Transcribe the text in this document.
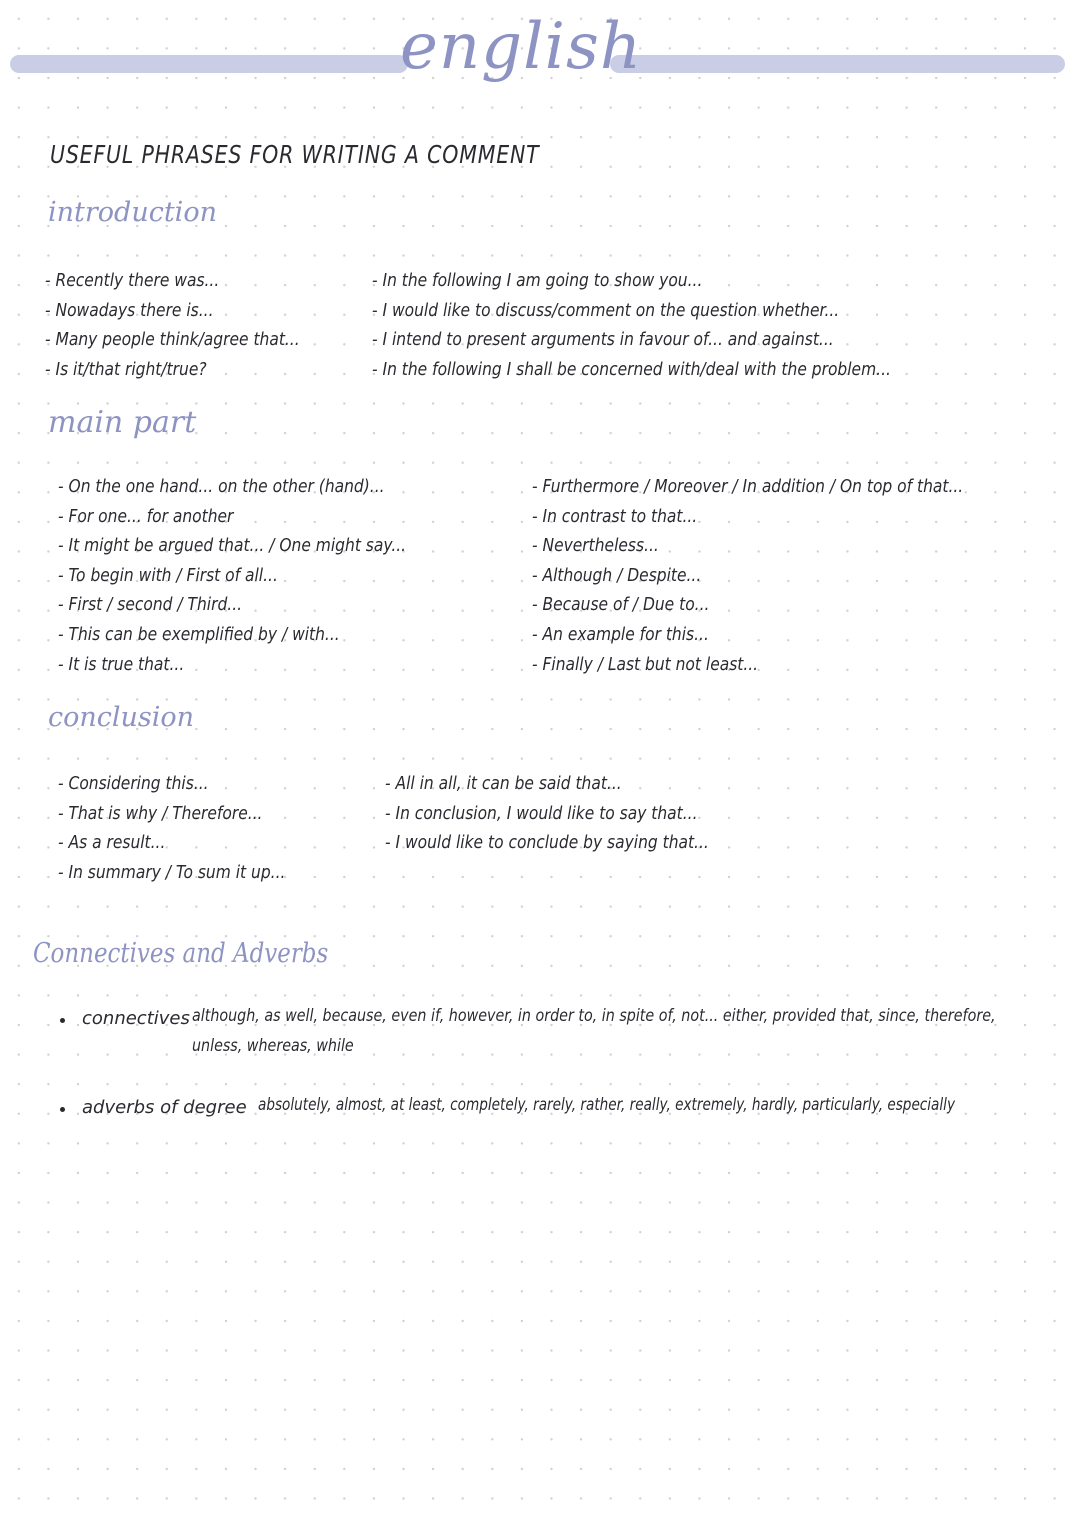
english
USEFUL PHRASES FOR WRITING A COMMENT
introduction
- Recently there was...
- Nowadays there is...
- Many people think/agree that...
- Is it/that right/true?
- In the following I am going to show you...
- I would like to discuss/comment on the question whether...
- I intend to present arguments in favour of... and against...
- In the following I shall be concerned with/deal with the problem...
main part
- On the one hand... on the other (hand)...
- For one... for another
- It might be argued that... / One might say...
- To begin with / First of all...
- First / second / Third...
- This can be exemplified by / with...
- It is true that...
- Furthermore / Moreover / In addition / On top of that...
- In contrast to that...
- Nevertheless...
- Although / Despite...
- Because of / Due to...
- An example for this...
- Finally / Last but not least...
conclusion
- Considering this...
- That is why / Therefore...
- As a result...
- In summary / To sum it up...
- All in all, it can be said that...
- In conclusion, I would like to say that...
- I would like to conclude by saying that...
Connectives and Adverbs
connectives although, as well, because, even if, however, in order to, in spite of, not... either, provided that, since, therefore, unless, whereas, while
adverbs of degree absolutely, almost, at least, completely, rarely, rather, really, extremely, hardly, particularly, especially
